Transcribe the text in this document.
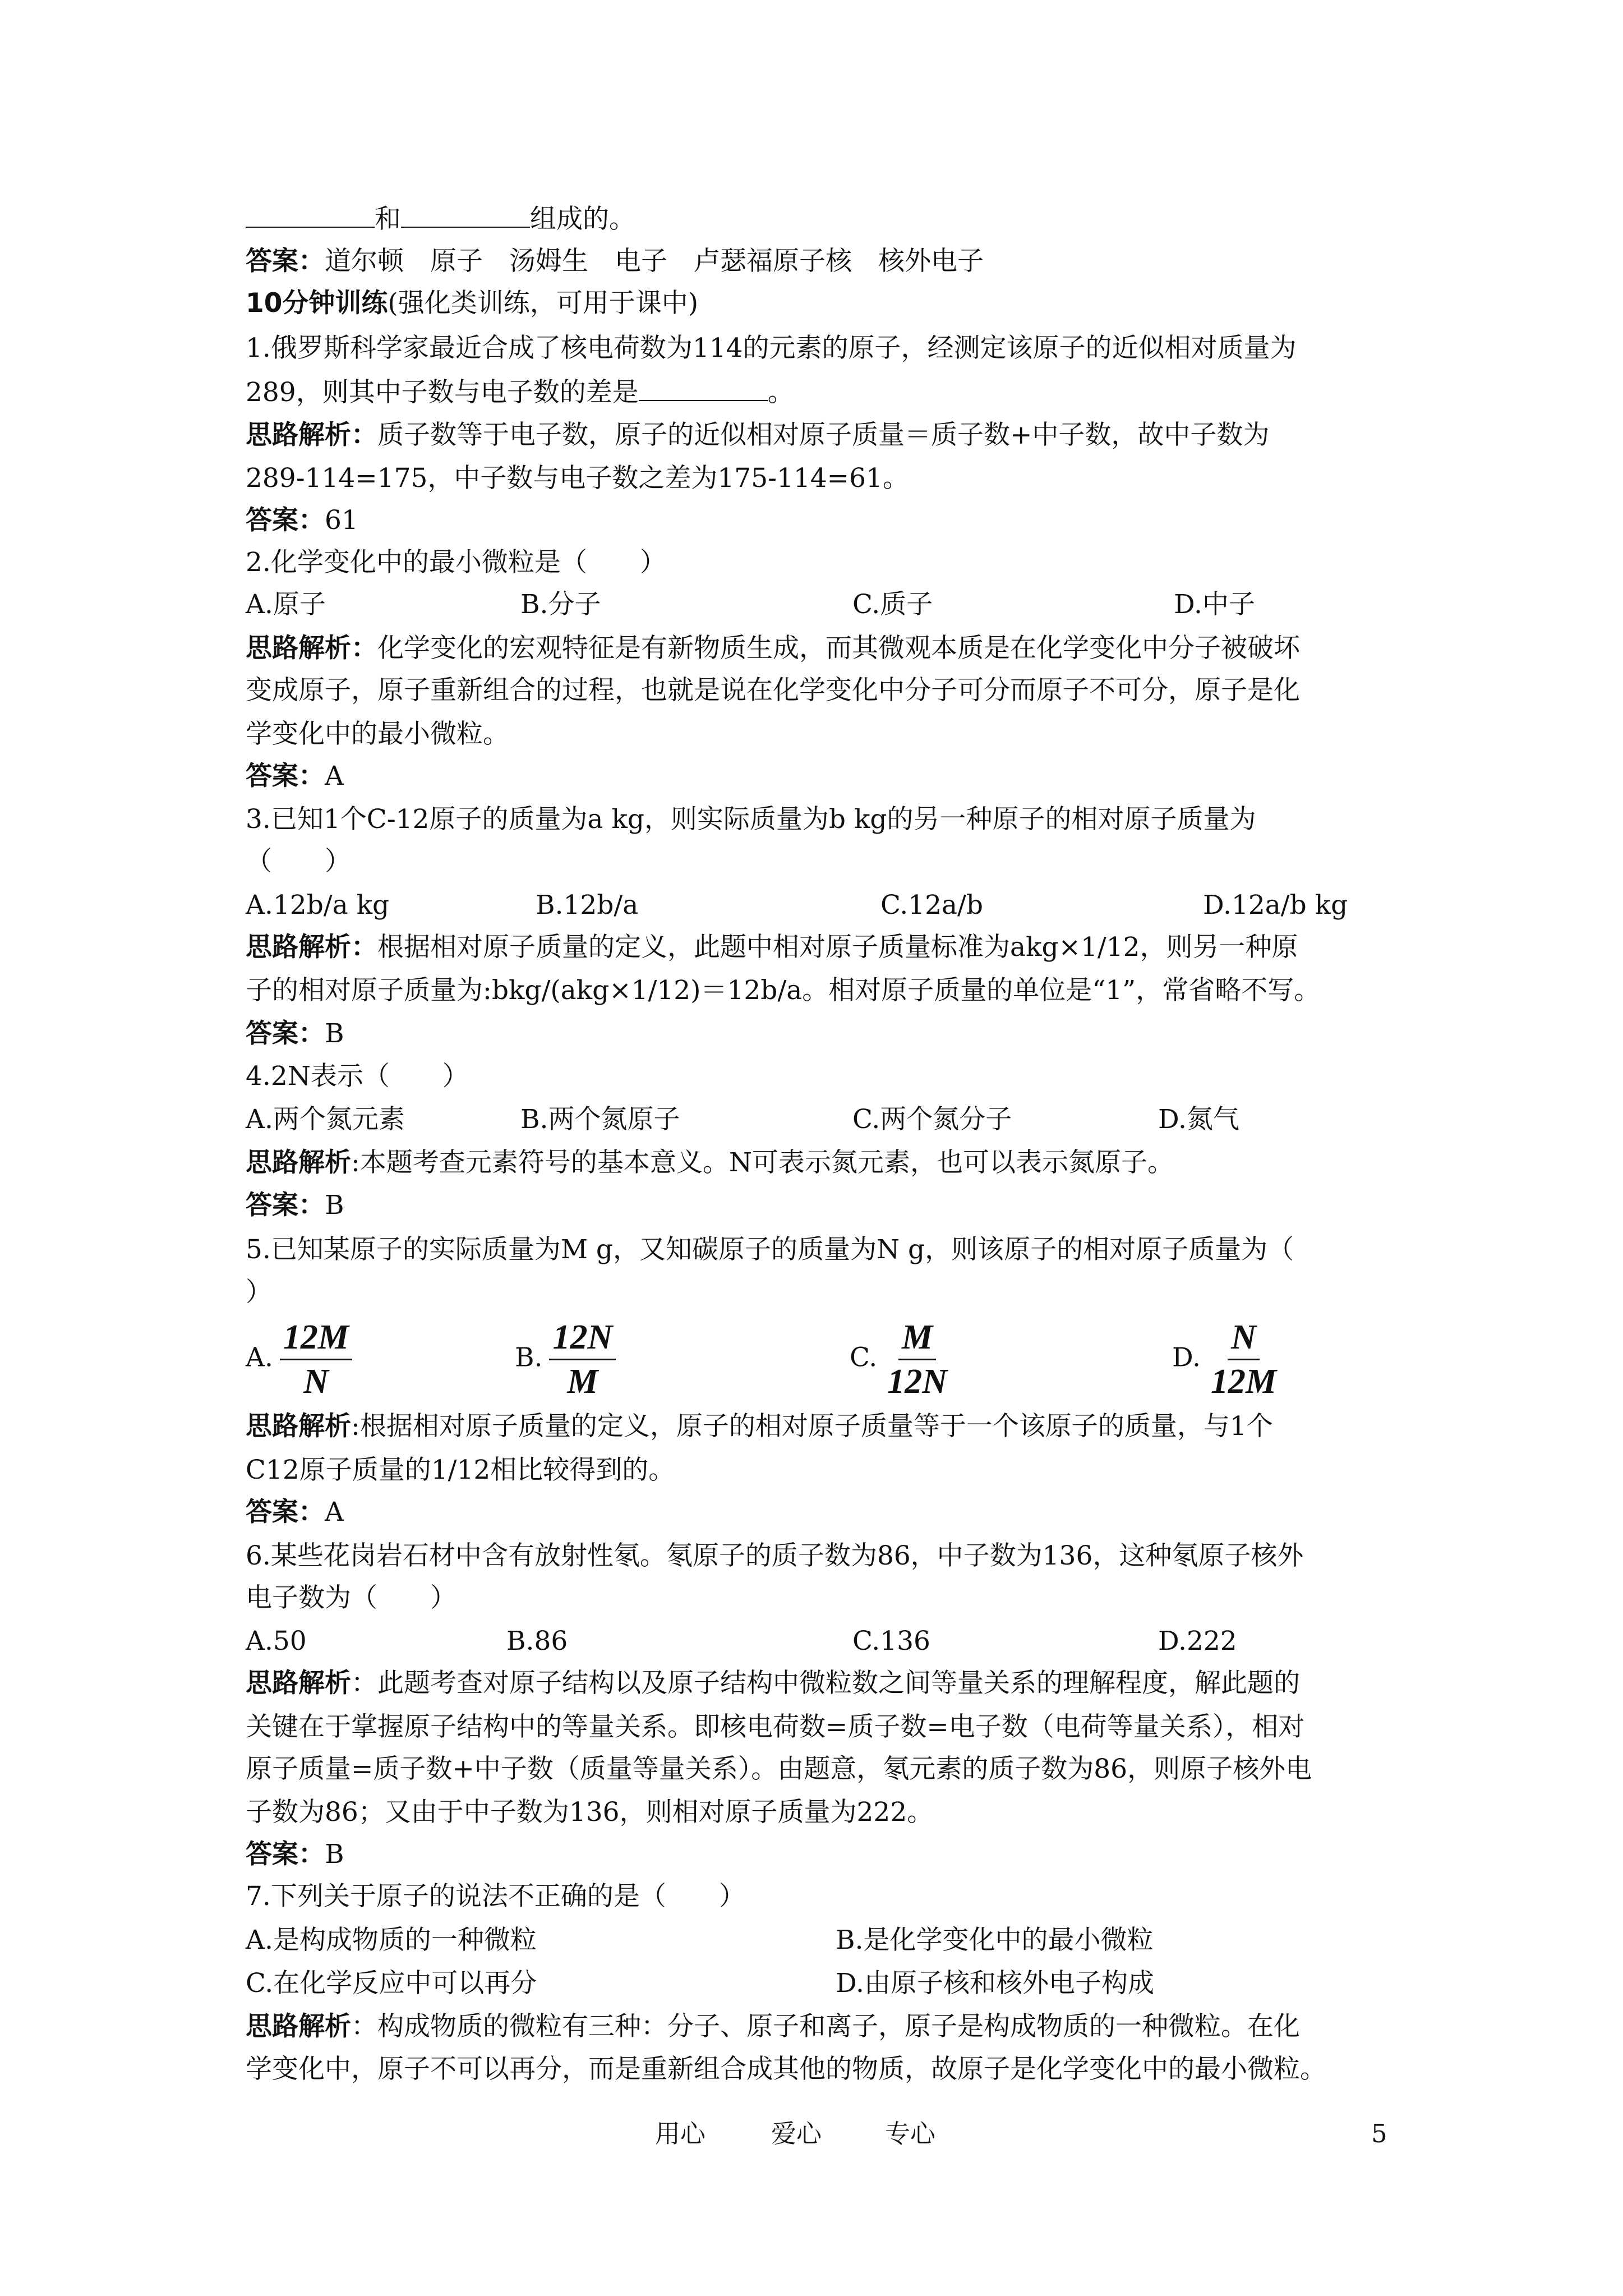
和	组成的。
答案：道尔顿　原子　汤姆生　电子　卢瑟福原子核　核外电子
10分钟训练(强化类训练，可用于课中)
1.俄罗斯科学家最近合成了核电荷数为114的元素的原子，经测定该原子的近似相对质量为
289，则其中子数与电子数的差是	。
思路解析：质子数等于电子数，原子的近似相对原子质量＝质子数+中子数，故中子数为
289-114=175，中子数与电子数之差为175-114=61。
答案：61
2.化学变化中的最小微粒是（　　）
A.原子	B.分子	C.质子	D.中子
思路解析：化学变化的宏观特征是有新物质生成，而其微观本质是在化学变化中分子被破坏
变成原子，原子重新组合的过程，也就是说在化学变化中分子可分而原子不可分，原子是化
学变化中的最小微粒。
答案：A
3.已知1个C-12原子的质量为a kg，则实际质量为b kg的另一种原子的相对原子质量为
（　　）
A.12b/a kg	B.12b/a	C.12a/b	D.12a/b kg
思路解析：根据相对原子质量的定义，此题中相对原子质量标准为akg×1/12，则另一种原
子的相对原子质量为:bkg/(akg×1/12)＝12b/a。相对原子质量的单位是“1”，常省略不写。
答案：B
4.2N表示（　　）
A.两个氮元素	B.两个氮原子	C.两个氮分子	D.氮气
思路解析:本题考查元素符号的基本意义。N可表示氮元素，也可以表示氮原子。
答案：B
5.已知某原子的实际质量为M g，又知碳原子的质量为N g，则该原子的相对原子质量为（
）
A. $\frac{12M}{N}$	B. $\frac{12N}{M}$	C. $\frac{M}{12N}$	D. $\frac{N}{12M}$
思路解析:根据相对原子质量的定义，原子的相对原子质量等于一个该原子的质量，与1个
C12原子质量的1/12相比较得到的。
答案：A
6.某些花岗岩石材中含有放射性氡。氡原子的质子数为86，中子数为136，这种氡原子核外
电子数为（　　）
A.50	B.86	C.136	D.222
思路解析：此题考查对原子结构以及原子结构中微粒数之间等量关系的理解程度，解此题的
关键在于掌握原子结构中的等量关系。即核电荷数=质子数=电子数（电荷等量关系），相对
原子质量=质子数+中子数（质量等量关系）。由题意，氡元素的质子数为86，则原子核外电
子数为86；又由于中子数为136，则相对原子质量为222。
答案：B
7.下列关于原子的说法不正确的是（　　）
A.是构成物质的一种微粒	B.是化学变化中的最小微粒
C.在化学反应中可以再分	D.由原子核和核外电子构成
思路解析：构成物质的微粒有三种：分子、原子和离子，原子是构成物质的一种微粒。在化
学变化中，原子不可以再分，而是重新组合成其他的物质，故原子是化学变化中的最小微粒。
用心	爱心	专心	5
